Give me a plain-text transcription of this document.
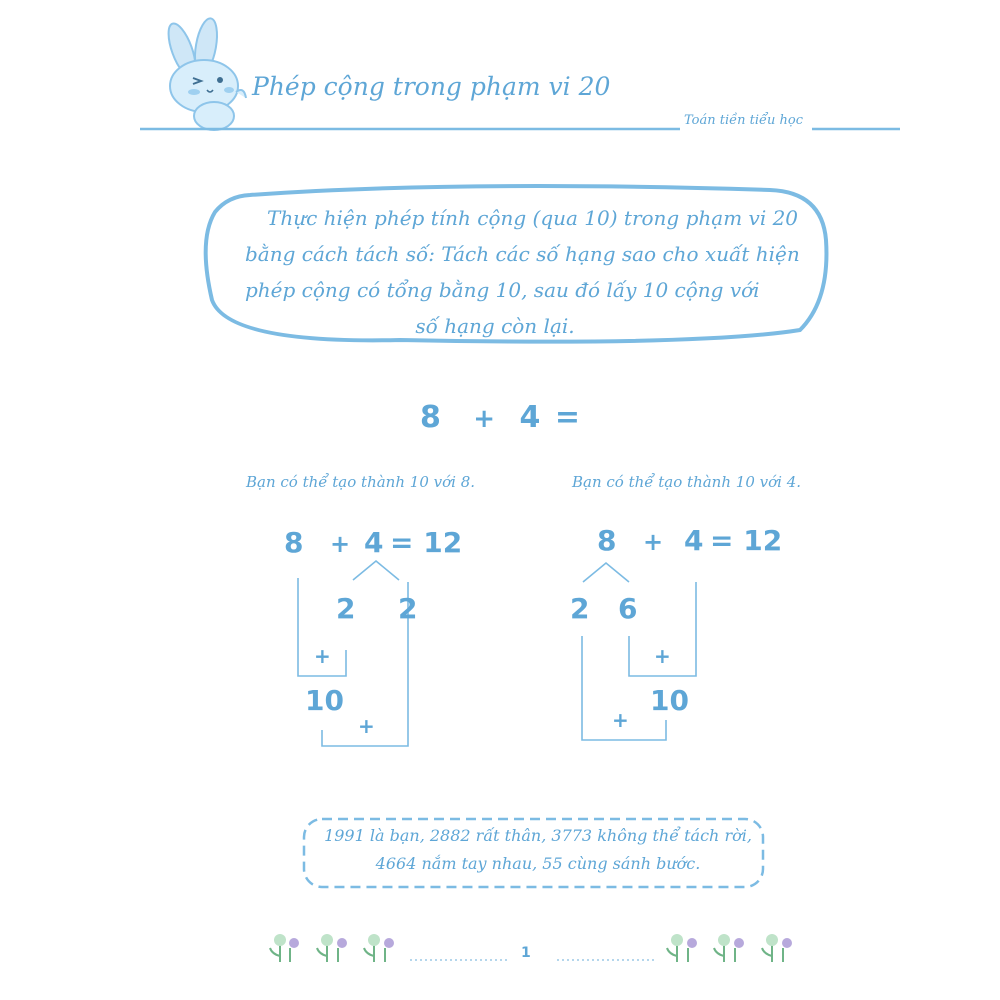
Phép cộng trong phạm vi 20
Toán tiền tiểu học

Thực hiện phép tính cộng (qua 10) trong phạm vi 20

bằng cách tách số: Tách các số hạng sao cho xuất hiện

phép cộng có tổng bằng 10, sau đó lấy 10 cộng với

số hạng còn lại.

8 + 4 =
Bạn có thể tạo thành 10 với 8.
8 + 4 = 12
2 2
+
10
+
Bạn có thể tạo thành 10 với 4.
8 + 4 = 12
2 6
+
10
+

1991 là bạn, 2882 rất thân, 3773 không thể tách rời,

4664 nắm tay nhau, 55 cùng sánh bước.

1
